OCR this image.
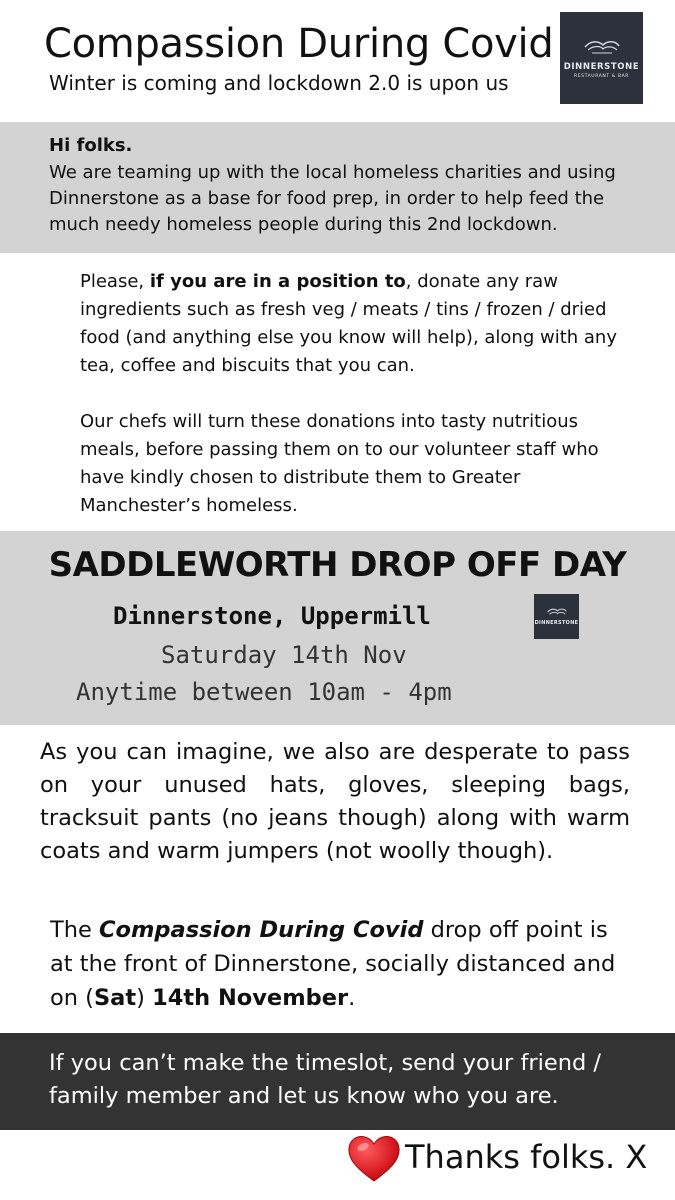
Compassion During Covid
Winter is coming and lockdown 2.0 is upon us
DINNERSTONE
RESTAURANT & BAR
Hi folks.
We are teaming up with the local homeless charities and using Dinnerstone as a base for food prep, in order to help feed the much needy homeless people during this 2nd lockdown.
Please, if you are in a position to, donate any raw ingredients such as fresh veg / meats / tins / frozen / dried food (and anything else you know will help), along with any tea, coffee and biscuits that you can.
Our chefs will turn these donations into tasty nutritious meals, before passing them on to our volunteer staff who have kindly chosen to distribute them to Greater Manchester’s homeless.
SADDLEWORTH DROP OFF DAY
Dinnerstone, Uppermill	DINNERSTONE
Saturday 14th Nov
Anytime between 10am - 4pm
As you can imagine, we also are desperate to pass on your unused hats, gloves, sleeping bags, tracksuit pants (no jeans though) along with warm coats and warm jumpers (not woolly though).
The Compassion During Covid drop off point is at the front of Dinnerstone, socially distanced and on (Sat) 14th November.
If you can’t make the timeslot, send your friend / family member and let us know who you are.
Thanks folks. X
